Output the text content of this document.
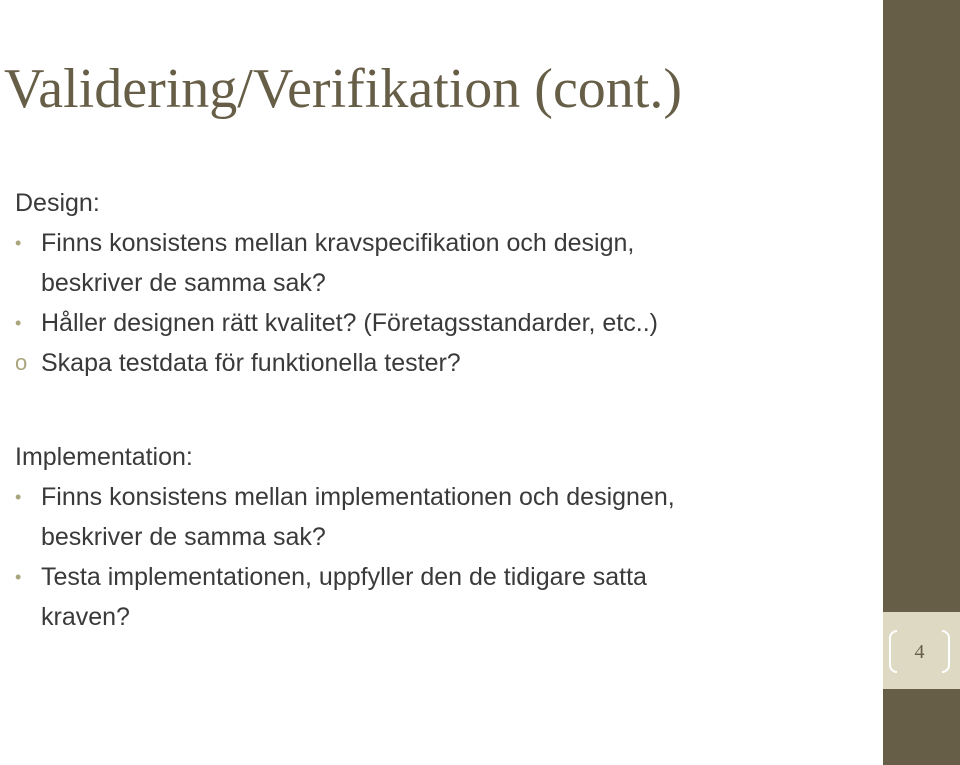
4
Validering/Verifikation (cont.)

Design:

• Finns konsistens mellan kravspecifikation och design,
beskriver de samma sak?
• Håller designen rätt kvalitet? (Företagsstandarder, etc..)
o Skapa testdata för funktionella tester?

Implementation:

• Finns konsistens mellan implementationen och designen,
beskriver de samma sak?
• Testa implementationen, uppfyller den de tidigare satta
kraven?
